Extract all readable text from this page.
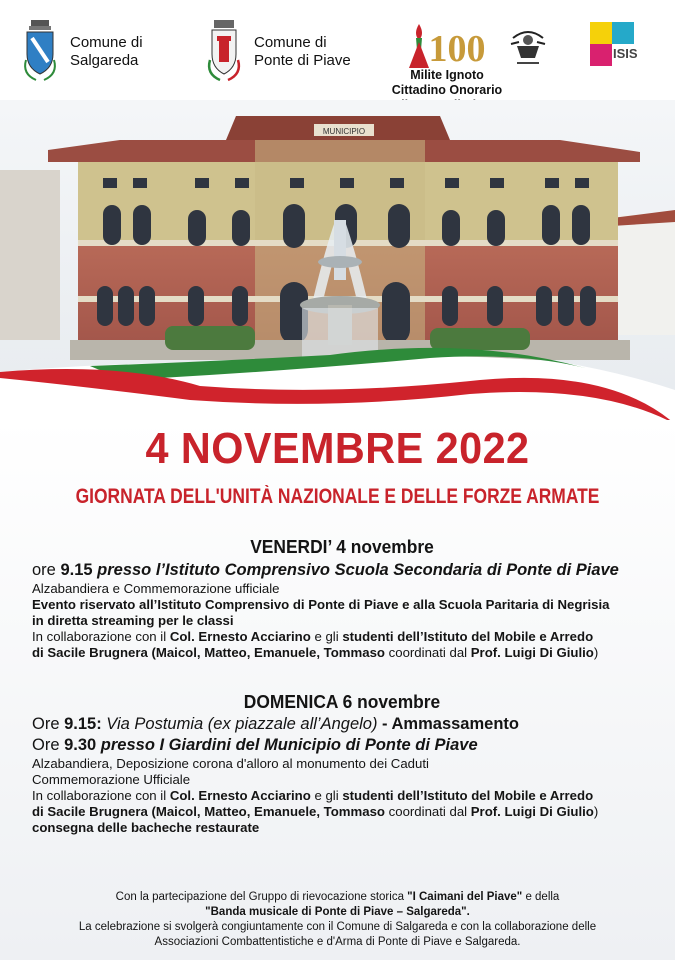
Comune di
Salgareda
Comune di
Ponte di Piave 100
Milite Ignoto
Cittadino Onorario
ISIS
MUNICIPIO
4 NOVEMBRE 2022
GIORNATA DELL'UNITÀ NAZIONALE E DELLE FORZE ARMATE
VENERDI’ 4 novembre
ore 9.15 presso l’Istituto Comprensivo Scuola Secondaria di Ponte di Piave
Alzabandiera e Commemorazione ufficiale
Evento riservato all’Istituto Comprensivo di Ponte di Piave e alla Scuola Paritaria di Negrisia
in diretta streaming per le classi
In collaborazione con il Col. Ernesto Acciarino e gli studenti dell’Istituto del Mobile e Arredo
di Sacile Brugnera (Maicol, Matteo, Emanuele, Tommaso coordinati dal Prof. Luigi Di Giulio)
DOMENICA 6 novembre
Ore 9.15: Via Postumia (ex piazzale all’Angelo) - Ammassamento
Ore 9.30 presso I Giardini del Municipio di Ponte di Piave
Alzabandiera, Deposizione corona d'alloro al monumento dei Caduti
Commemorazione Ufficiale
In collaborazione con il Col. Ernesto Acciarino e gli studenti dell’Istituto del Mobile e Arredo
di Sacile Brugnera (Maicol, Matteo, Emanuele, Tommaso coordinati dal Prof. Luigi Di Giulio)
consegna delle bacheche restaurate
Con la partecipazione del Gruppo di rievocazione storica "I Caimani del Piave" e della
"Banda musicale di Ponte di Piave – Salgareda".
La celebrazione si svolgerà congiuntamente con il Comune di Salgareda e con la collaborazione delle
Associazioni Combattentistiche e d'Arma di Ponte di Piave e Salgareda.
